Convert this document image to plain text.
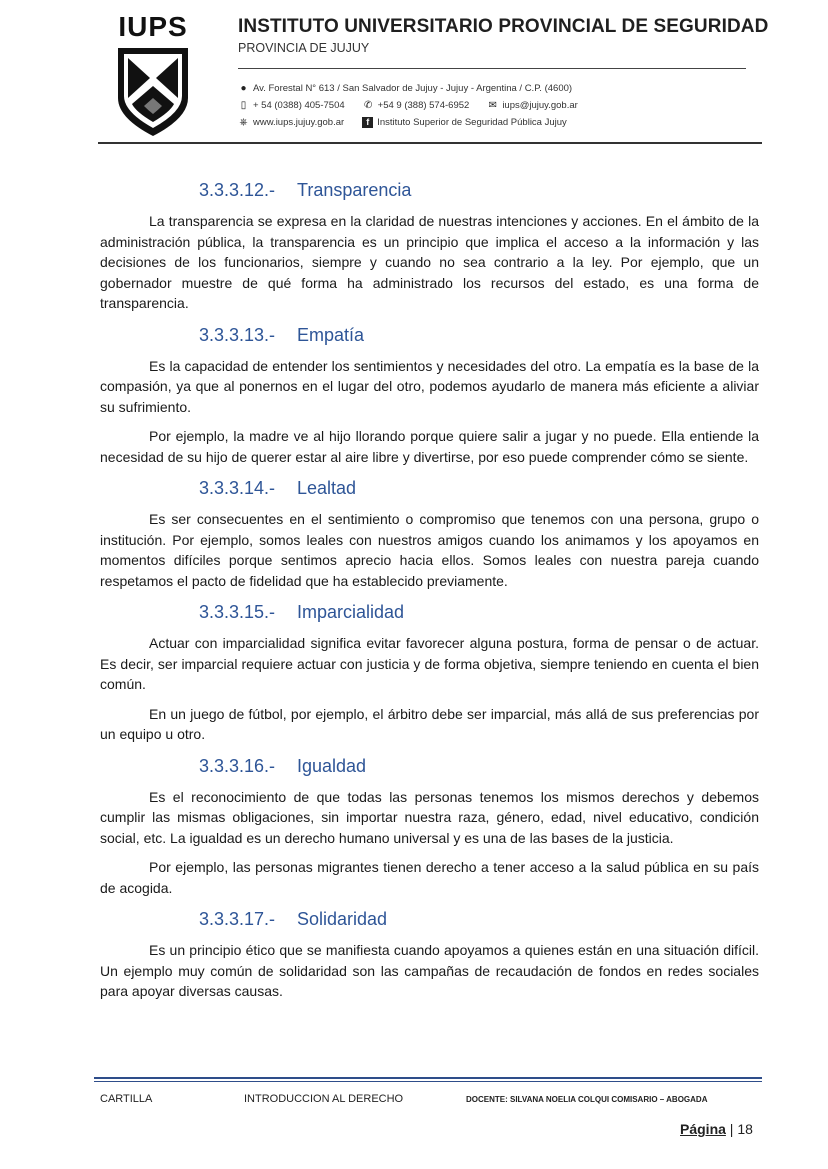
IUPS	INSTITUTO UNIVERSITARIO PROVINCIAL DE SEGURIDAD
PROVINCIA DE JUJUY
● Av. Forestal N° 613 / San Salvador de Jujuy - Jujuy - Argentina / C.P. (4600)
▯ + 54 (0388) 405-7504 ✆ +54 9 (388) 574-6952 ✉ iups@jujuy.gob.ar
⎈ www.iups.jujuy.gob.ar	f Instituto Superior de Seguridad Pública Jujuy
3.3.3.12.- Transparencia

La transparencia se expresa en la claridad de nuestras intenciones y acciones. En el ámbito de la administración pública, la transparencia es un principio que implica el acceso a la información y las decisiones de los funcionarios, siempre y cuando no sea contrario a la ley. Por ejemplo, que un gobernador muestre de qué forma ha administrado los recursos del estado, es una forma de transparencia.

3.3.3.13.- Empatía

Es la capacidad de entender los sentimientos y necesidades del otro. La empatía es la base de la compasión, ya que al ponernos en el lugar del otro, podemos ayudarlo de manera más eficiente a aliviar su sufrimiento.

Por ejemplo, la madre ve al hijo llorando porque quiere salir a jugar y no puede. Ella entiende la necesidad de su hijo de querer estar al aire libre y divertirse, por eso puede comprender cómo se siente.

3.3.3.14.- Lealtad

Es ser consecuentes en el sentimiento o compromiso que tenemos con una persona, grupo o institución. Por ejemplo, somos leales con nuestros amigos cuando los animamos y los apoyamos en momentos difíciles porque sentimos aprecio hacia ellos. Somos leales con nuestra pareja cuando respetamos el pacto de fidelidad que ha establecido previamente.

3.3.3.15.- Imparcialidad

Actuar con imparcialidad significa evitar favorecer alguna postura, forma de pensar o de actuar. Es decir, ser imparcial requiere actuar con justicia y de forma objetiva, siempre teniendo en cuenta el bien común.

En un juego de fútbol, por ejemplo, el árbitro debe ser imparcial, más allá de sus preferencias por un equipo u otro.

3.3.3.16.- Igualdad

Es el reconocimiento de que todas las personas tenemos los mismos derechos y debemos cumplir las mismas obligaciones, sin importar nuestra raza, género, edad, nivel educativo, condición social, etc. La igualdad es un derecho humano universal y es una de las bases de la justicia.

Por ejemplo, las personas migrantes tienen derecho a tener acceso a la salud pública en su país de acogida.

3.3.3.17.- Solidaridad

Es un principio ético que se manifiesta cuando apoyamos a quienes están en una situación difícil. Un ejemplo muy común de solidaridad son las campañas de recaudación de fondos en redes sociales para apoyar diversas causas.

CARTILLA	INTRODUCCION AL DERECHO	DOCENTE: SILVANA NOELIA COLQUI COMISARIO – ABOGADA
Página | 18
